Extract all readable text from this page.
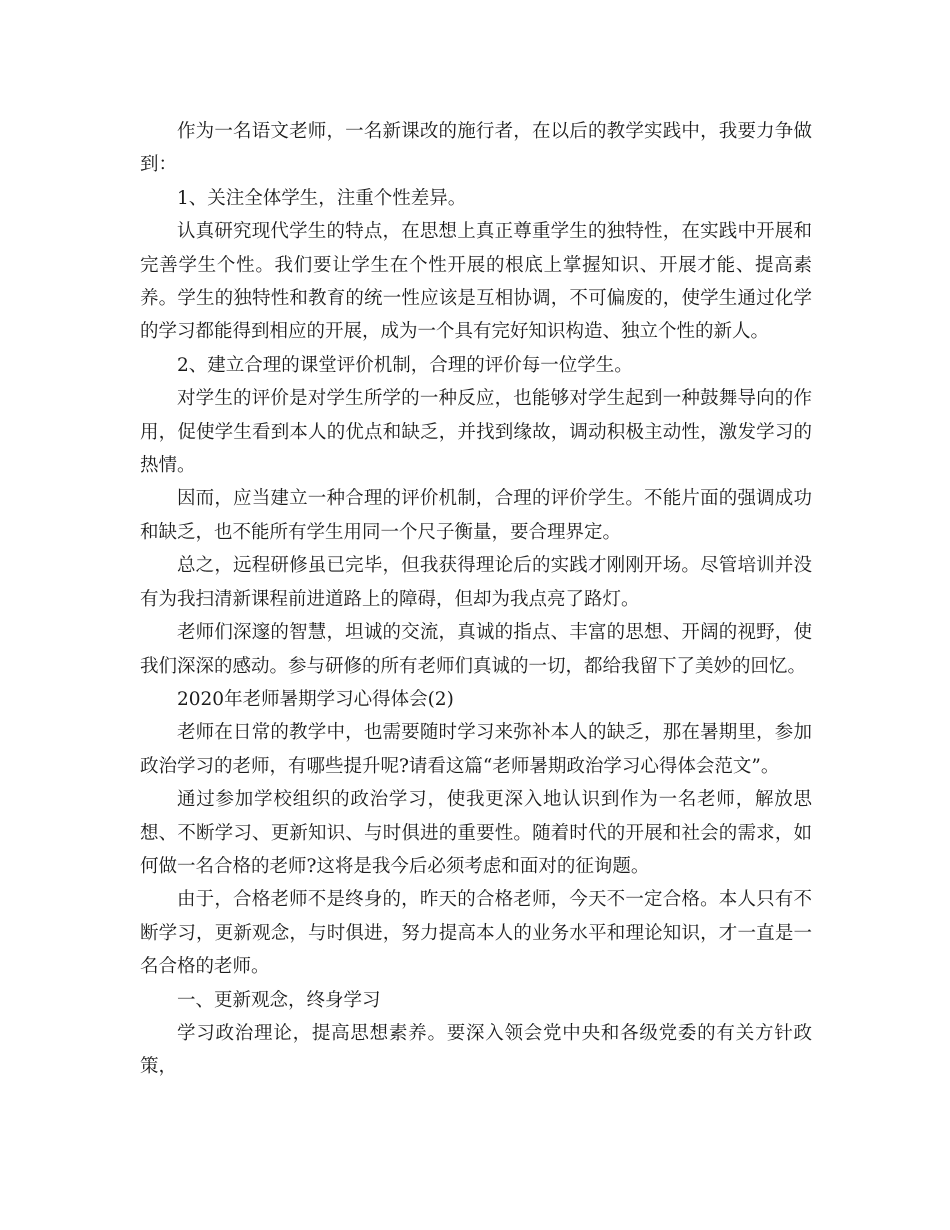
作为一名语文老师，一名新课改的施行者，在以后的教学实践中，我要力争做到：

1、关注全体学生，注重个性差异。

认真研究现代学生的特点，在思想上真正尊重学生的独特性，在实践中开展和完善学生个性。我们要让学生在个性开展的根底上掌握知识、开展才能、提高素养。学生的独特性和教育的统一性应该是互相协调，不可偏废的，使学生通过化学的学习都能得到相应的开展，成为一个具有完好知识构造、独立个性的新人。

2、建立合理的课堂评价机制，合理的评价每一位学生。

对学生的评价是对学生所学的一种反应，也能够对学生起到一种鼓舞导向的作用，促使学生看到本人的优点和缺乏，并找到缘故，调动积极主动性，激发学习的热情。

因而，应当建立一种合理的评价机制，合理的评价学生。不能片面的强调成功和缺乏，也不能所有学生用同一个尺子衡量，要合理界定。

总之，远程研修虽已完毕，但我获得理论后的实践才刚刚开场。尽管培训并没有为我扫清新课程前进道路上的障碍，但却为我点亮了路灯。

老师们深邃的智慧，坦诚的交流，真诚的指点、丰富的思想、开阔的视野，使我们深深的感动。参与研修的所有老师们真诚的一切，都给我留下了美妙的回忆。

2020年老师暑期学习心得体会(2)

老师在日常的教学中，也需要随时学习来弥补本人的缺乏，那在暑期里，参加政治学习的老师，有哪些提升呢?请看这篇“老师暑期政治学习心得体会范文”。

通过参加学校组织的政治学习，使我更深入地认识到作为一名老师，解放思想、不断学习、更新知识、与时俱进的重要性。随着时代的开展和社会的需求，如何做一名合格的老师?这将是我今后必须考虑和面对的征询题。

由于，合格老师不是终身的，昨天的合格老师，今天不一定合格。本人只有不断学习，更新观念，与时俱进，努力提高本人的业务水平和理论知识，才一直是一名合格的老师。

一、更新观念，终身学习

学习政治理论，提高思想素养。要深入领会党中央和各级党委的有关方针政策，
